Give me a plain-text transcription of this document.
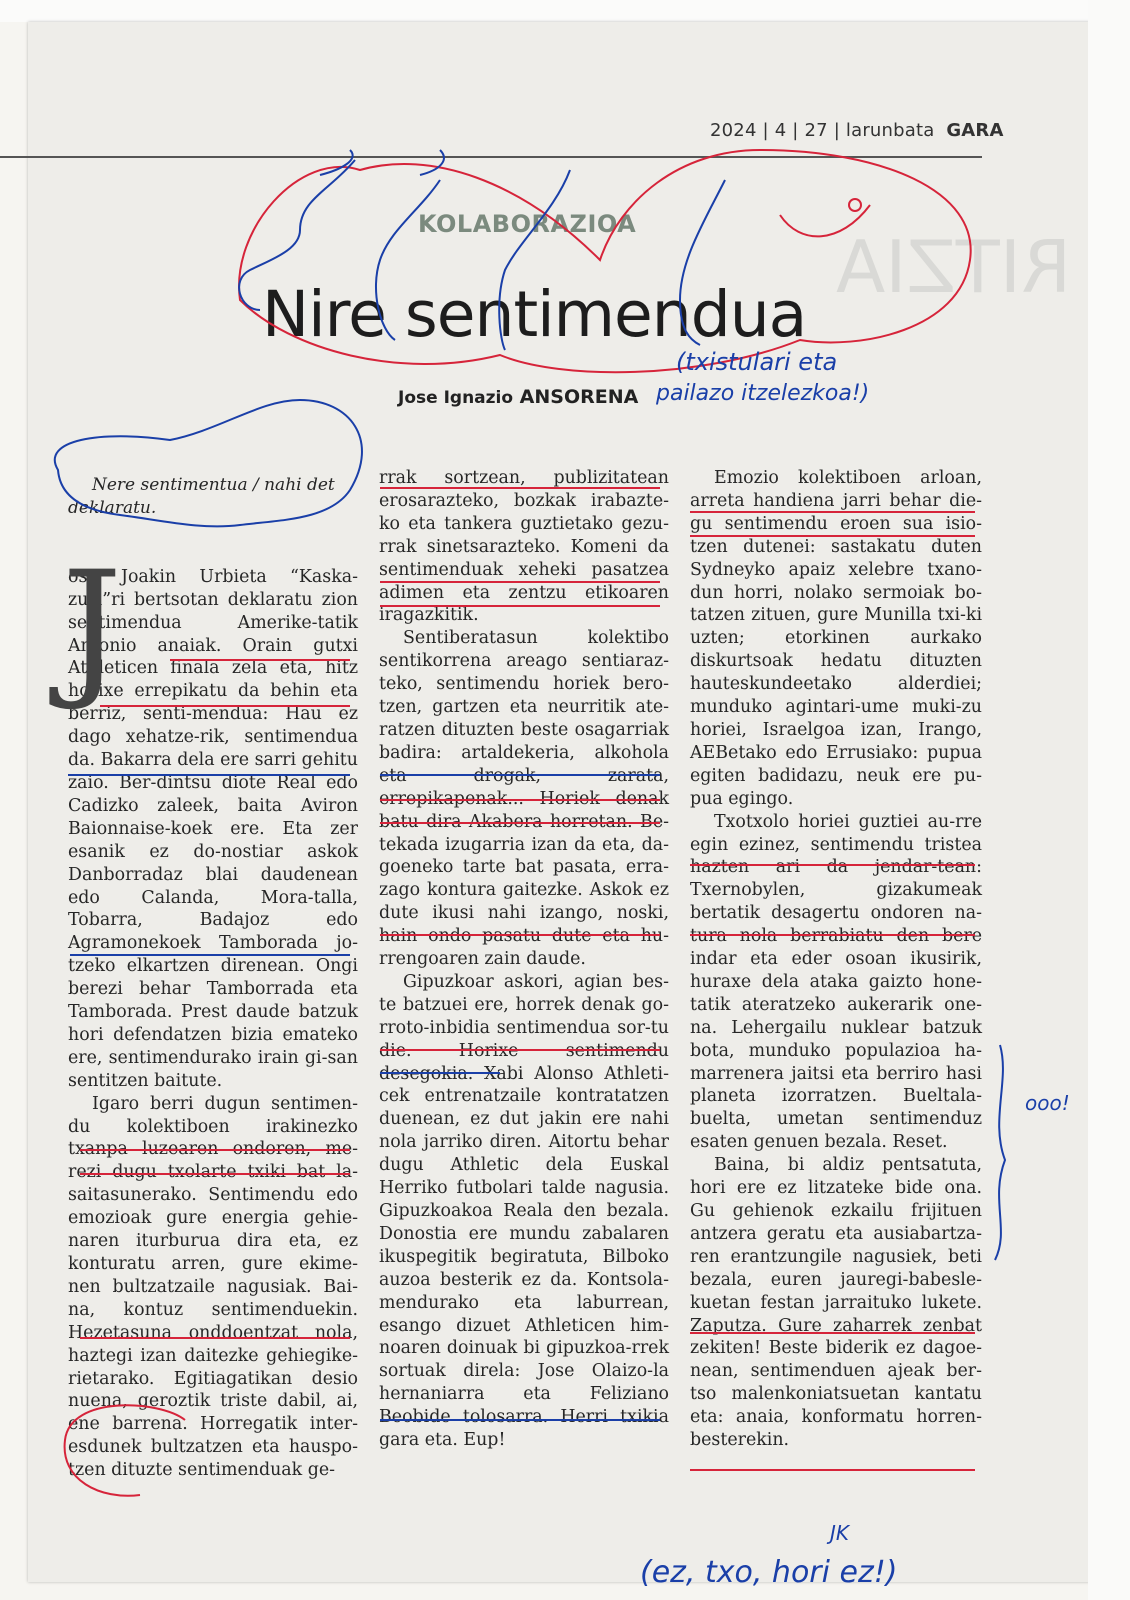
2024 | 4 | 27 | larunbata GARA
RITZIA
KOLABORAZIOA
Nire sentimendua
Jose Ignazio ANSORENA

Nere sentimentua / nahi det deklaratu.

J

ose Joakin Urbieta “Kaska-zuri”ri bertsotan deklaratu zion sentimendua Amerike-tatik Antonio anaiak. Orain gutxi Athleticen finala zela eta, hitz horixe errepikatu da behin eta berriz, senti-mendua: Hau ez dago xehatze-rik, sentimendua da. Bakarra dela ere sarri gehitu zaio. Ber-dintsu diote Real edo Cadizko zaleek, baita Aviron Baionnaise-koek ere. Eta zer esanik ez do-nostiar askok Danborradaz blai daudenean edo Calanda, Mora-talla, Tobarra, Badajoz edo Agramonekoek Tamborada jo-tzeko elkartzen direnean. Ongi berezi behar Tamborrada eta Tamborada. Prest daude batzuk hori defendatzen bizia emateko ere, sentimendurako irain gi-san sentitzen baitute.

Igaro berri dugun sentimen-du kolektiboen irakinezko txanpa luzearen ondoren, me-rezi dugu txolarte txiki bat la-saitasunerako. Sentimendu edo emozioak gure energia gehie-naren iturburua dira eta, ez konturatu arren, gure ekime-nen bultzatzaile nagusiak. Bai-na, kontuz sentimenduekin. Hezetasuna onddoentzat nola, haztegi izan daitezke gehiegike-rietarako. Egitiagatikan desio nuena, geroztik triste dabil, ai, ene barrena. Horregatik inter-esdunek bultzatzen eta hauspo-tzen dituzte sentimenduak ge-

rrak sortzean, publizitatean erosarazteko, bozkak irabazte-ko eta tankera guztietako gezu-rrak sinetsarazteko. Komeni da sentimenduak xeheki pasatzea adimen eta zentzu etikoaren iragazkitik.

Sentiberatasun kolektibo sentikorrena areago sentiaraz-teko, sentimendu horiek bero-tzen, gartzen eta neurritik ate-ratzen dituzten beste osagarriak badira: artaldekeria, alkohola eta drogak, zarata, errepikapenak... Horiek denak batu dira Akabera horretan. Be-tekada izugarria izan da eta, da-goeneko tarte bat pasata, erra-zago kontura gaitezke. Askok ez dute ikusi nahi izango, noski, hain ondo pasatu dute eta hu-rrengoaren zain daude.

Gipuzkoar askori, agian bes-te batzuei ere, horrek denak go-rroto-inbidia sentimendua sor-tu die. Horixe sentimendu desegokia. Xabi Alonso Athleti-cek entrenatzaile kontratatzen duenean, ez dut jakin ere nahi nola jarriko diren. Aitortu behar dugu Athletic dela Euskal Herriko futbolari talde nagusia. Gipuzkoakoa Reala den bezala. Donostia ere mundu zabalaren ikuspegitik begiratuta, Bilboko auzoa besterik ez da. Kontsola-mendurako eta laburrean, esango dizuet Athleticen him-noaren doinuak bi gipuzkoa-rrek sortuak direla: Jose Olaizo-la hernaniarra eta Feliziano Beobide tolosarra. Herri txikia gara eta. Eup!

Emozio kolektiboen arloan, arreta handiena jarri behar die-gu sentimendu eroen sua isio-tzen dutenei: sastakatu duten Sydneyko apaiz xelebre txano-dun horri, nolako sermoiak bo-tatzen zituen, gure Munilla txi-ki uzten; etorkinen aurkako diskurtsoak hedatu dituzten hauteskundeetako alderdiei; munduko agintari-ume muki-zu horiei, Israelgoa izan, Irango, AEBetako edo Errusiako: pupua egiten badidazu, neuk ere pu-pua egingo.

Txotxolo horiei guztiei au-rre egin ezinez, sentimendu tristea hazten ari da jendar-tean: Txernobylen, gizakumeak bertatik desagertu ondoren na-tura nola berrabiatu den bere indar eta eder osoan ikusirik, huraxe dela ataka gaizto hone-tatik ateratzeko aukerarik one-na. Lehergailu nuklear batzuk bota, munduko populazioa ha-marrenera jaitsi eta berriro hasi planeta izorratzen. Bueltala-buelta, umetan sentimenduz esaten genuen bezala. Reset.

Baina, bi aldiz pentsatuta, hori ere ez litzateke bide ona. Gu gehienok ezkailu frijituen antzera geratu eta ausiabartza-ren erantzungile nagusiek, beti bezala, euren jauregi-babesle-kuetan festan jarraituko lukete. Zaputza. Gure zaharrek zenbat zekiten! Beste biderik ez dagoe-nean, sentimenduen ajeak ber-tso malenkoniatsuetan kantatu eta: anaia, konformatu horren-besterekin.

(txistulari eta
pailazo itzelezkoa!)
ooo!
(ez, txo, hori ez!)
JK
